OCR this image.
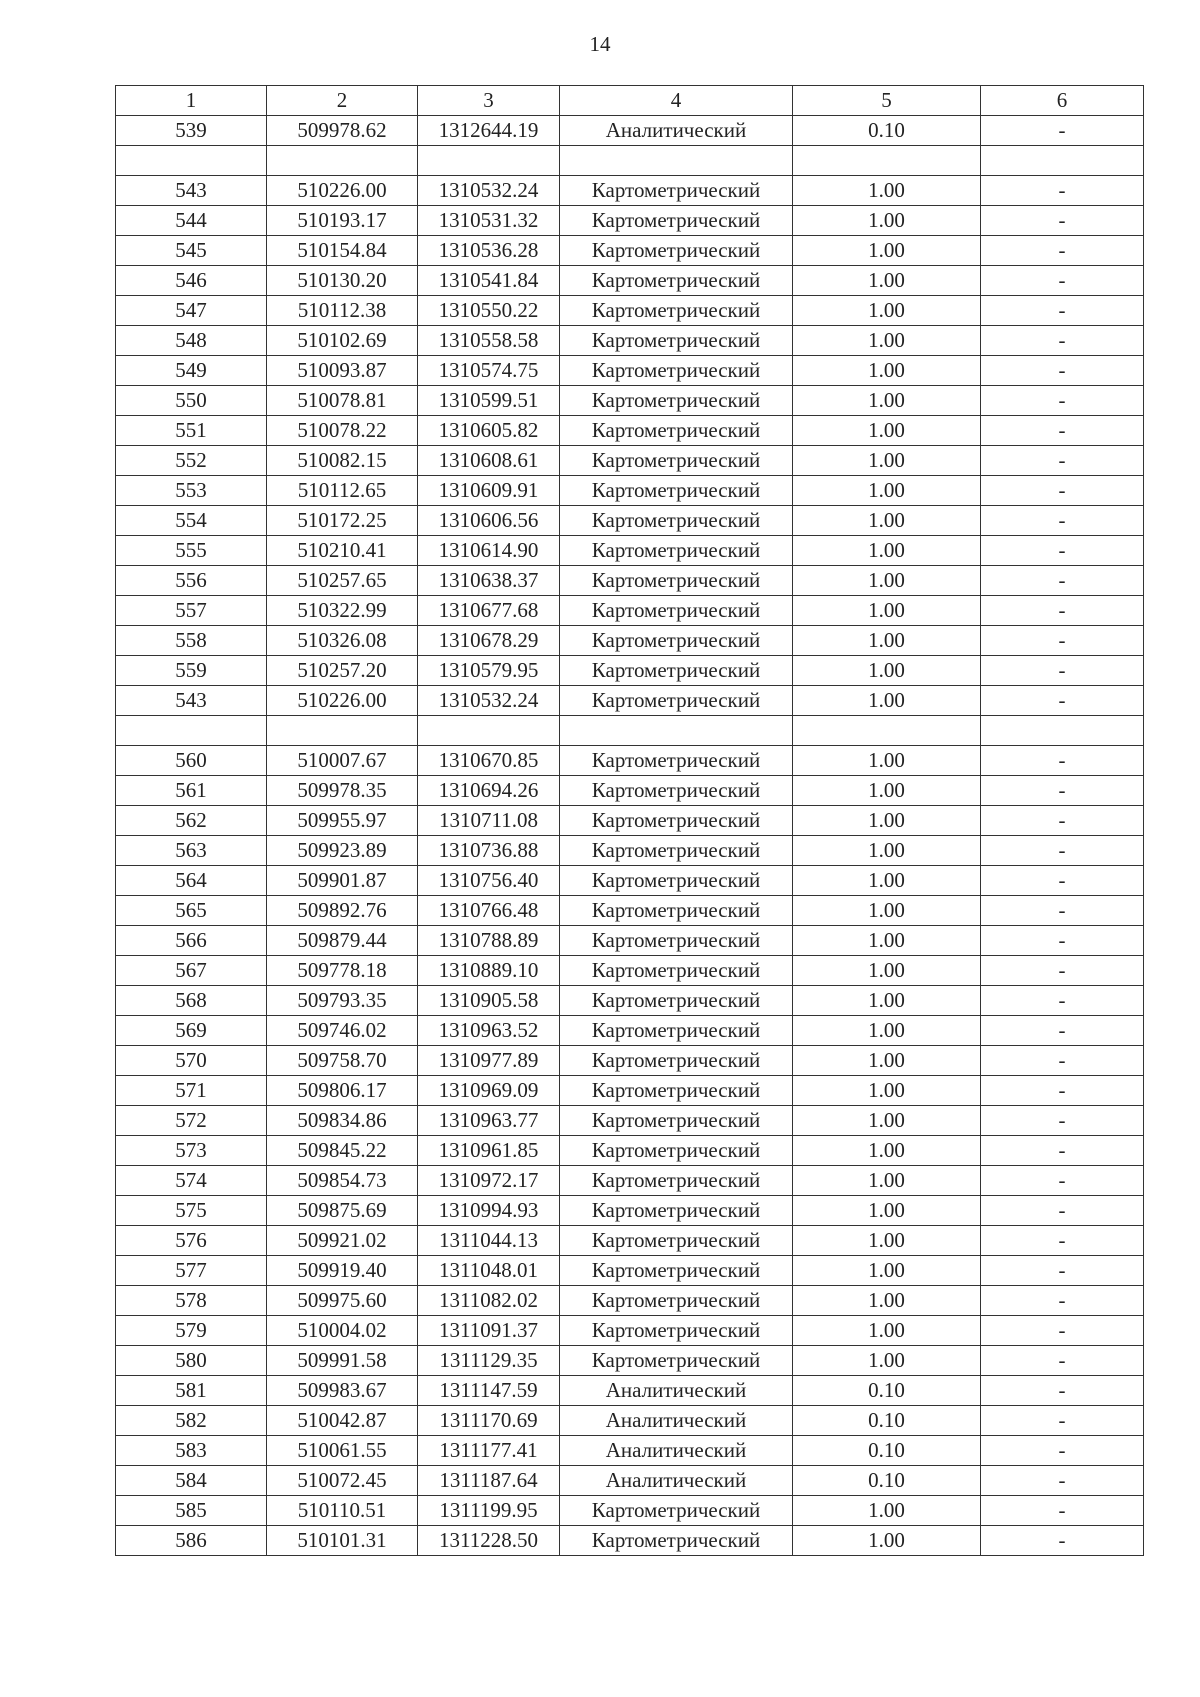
14
1	2	3	4	5	6
539	509978.62	1312644.19	Аналитический	0.10	-

543	510226.00	1310532.24	Картометрический	1.00	-
544	510193.17	1310531.32	Картометрический	1.00	-
545	510154.84	1310536.28	Картометрический	1.00	-
546	510130.20	1310541.84	Картометрический	1.00	-
547	510112.38	1310550.22	Картометрический	1.00	-
548	510102.69	1310558.58	Картометрический	1.00	-
549	510093.87	1310574.75	Картометрический	1.00	-
550	510078.81	1310599.51	Картометрический	1.00	-
551	510078.22	1310605.82	Картометрический	1.00	-
552	510082.15	1310608.61	Картометрический	1.00	-
553	510112.65	1310609.91	Картометрический	1.00	-
554	510172.25	1310606.56	Картометрический	1.00	-
555	510210.41	1310614.90	Картометрический	1.00	-
556	510257.65	1310638.37	Картометрический	1.00	-
557	510322.99	1310677.68	Картометрический	1.00	-
558	510326.08	1310678.29	Картометрический	1.00	-
559	510257.20	1310579.95	Картометрический	1.00	-
543	510226.00	1310532.24	Картометрический	1.00	-

560	510007.67	1310670.85	Картометрический	1.00	-
561	509978.35	1310694.26	Картометрический	1.00	-
562	509955.97	1310711.08	Картометрический	1.00	-
563	509923.89	1310736.88	Картометрический	1.00	-
564	509901.87	1310756.40	Картометрический	1.00	-
565	509892.76	1310766.48	Картометрический	1.00	-
566	509879.44	1310788.89	Картометрический	1.00	-
567	509778.18	1310889.10	Картометрический	1.00	-
568	509793.35	1310905.58	Картометрический	1.00	-
569	509746.02	1310963.52	Картометрический	1.00	-
570	509758.70	1310977.89	Картометрический	1.00	-
571	509806.17	1310969.09	Картометрический	1.00	-
572	509834.86	1310963.77	Картометрический	1.00	-
573	509845.22	1310961.85	Картометрический	1.00	-
574	509854.73	1310972.17	Картометрический	1.00	-
575	509875.69	1310994.93	Картометрический	1.00	-
576	509921.02	1311044.13	Картометрический	1.00	-
577	509919.40	1311048.01	Картометрический	1.00	-
578	509975.60	1311082.02	Картометрический	1.00	-
579	510004.02	1311091.37	Картометрический	1.00	-
580	509991.58	1311129.35	Картометрический	1.00	-
581	509983.67	1311147.59	Аналитический	0.10	-
582	510042.87	1311170.69	Аналитический	0.10	-
583	510061.55	1311177.41	Аналитический	0.10	-
584	510072.45	1311187.64	Аналитический	0.10	-
585	510110.51	1311199.95	Картометрический	1.00	-
586	510101.31	1311228.50	Картометрический	1.00	-
